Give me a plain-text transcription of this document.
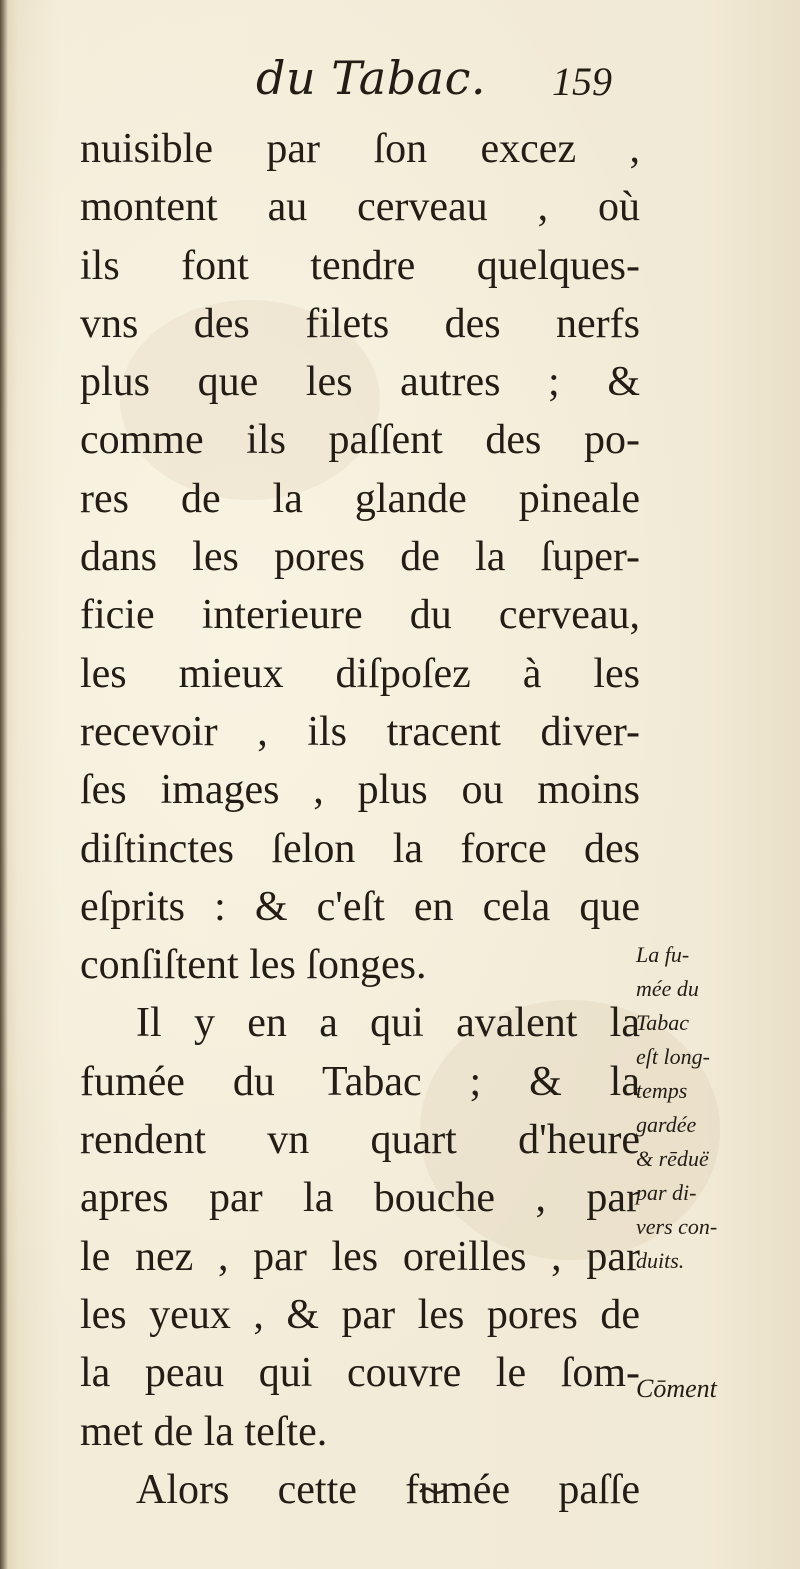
du Tabac. 159
nuisible par ſon excez ,
montent au cerveau , où
ils font tendre quelques-
vns des filets des nerfs
plus que les autres ; &
comme ils paſſent des po-
res de la glande pineale
dans les pores de la ſuper-
ficie interieure du cerveau,
les mieux diſpoſez à les
recevoir , ils tracent diver-
ſes images , plus ou moins
diſtinctes ſelon la force des
eſprits : & c'eſt en cela que
conſiſtent les ſonges.
Il y en a qui avalent la
fumée du Tabac ; & la
rendent vn quart d'heure
apres par la bouche , par
le nez , par les oreilles , par
les yeux , & par les pores de
la peau qui couvre le ſom-
met de la teſte.
Alors cette fumée paſſe
La fu-
mée du
Tabac
eſt long-
temps
gardée
& rēduë
par di-
vers con-
duits.
Cōment
